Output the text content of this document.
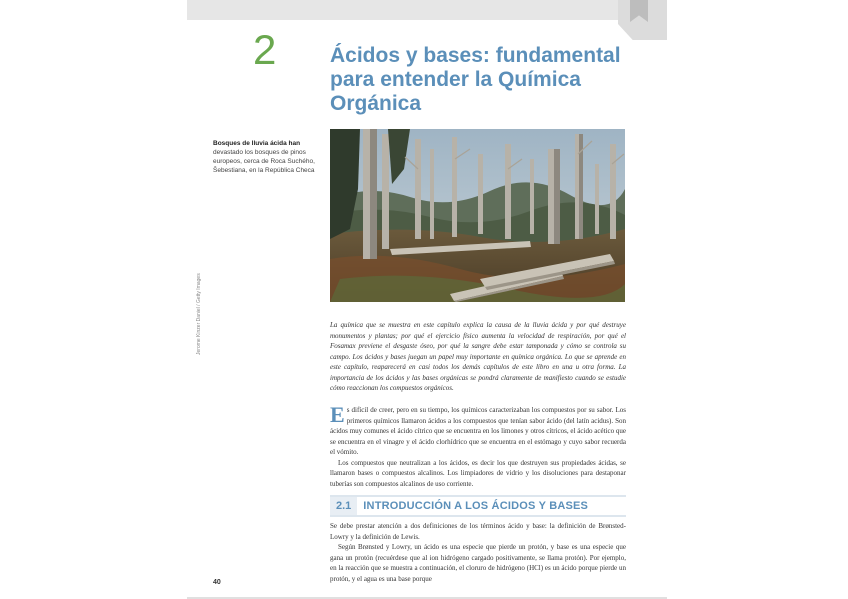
2	Ácidos y bases: fundamental para entender la Química Orgánica
Bosques de lluvia ácida han devastado los bosques de pinos europeos, cerca de Roca Suchého, Šebestiana, en la República Checa
Jerome Kinzer Daniel / Getty Images	La química que se muestra en este capítulo explica la causa de la lluvia ácida y por qué destruye monumentos y plantas; por qué el ejercicio físico aumenta la velocidad de respiración, por qué el Fosamax previene el desgaste óseo, por qué la sangre debe estar tamponada y cómo se controla su campo. Los ácidos y bases juegan un papel muy importante en química orgánica. Lo que se aprende en este capítulo, reaparecerá en casi todos los demás capítulos de este libro en una u otra forma. La importancia de los ácidos y las bases orgánicas se pondrá claramente de manifiesto cuando se estudie cómo reaccionan los compuestos orgánicos.

Es difícil de creer, pero en su tiempo, los químicos caracterizaban los compuestos por su sabor. Los primeros químicos llamaron ácidos a los compuestos que tenían sabor ácido (del latín acidus). Son ácidos muy comunes el ácido cítrico que se encuentra en los limones y otros cítricos, el ácido acético que se encuentra en el vinagre y el ácido clorhídrico que se encuentra en el estómago y cuyo sabor recuerda el vómito.

Los compuestos que neutralizan a los ácidos, es decir los que destruyen sus propiedades ácidas, se llamaron bases o compuestos alcalinos. Los limpiadores de vidrio y los disoluciones para destaponar tuberías son compuestos alcalinos de uso corriente.

2.1	INTRODUCCIÓN A LOS ÁCIDOS Y BASES

Se debe prestar atención a dos definiciones de los términos ácido y base: la definición de Brønsted-Lowry y la definición de Lewis.

Según Brønsted y Lowry, un ácido es una especie que pierde un protón, y base es una especie que gana un protón (recuérdese que al ion hidrógeno cargado positivamente, se llama protón). Por ejemplo, en la reacción que se muestra a continuación, el cloruro de hidrógeno (HCl) es un ácido porque pierde un protón, y el agua es una base porque

40
